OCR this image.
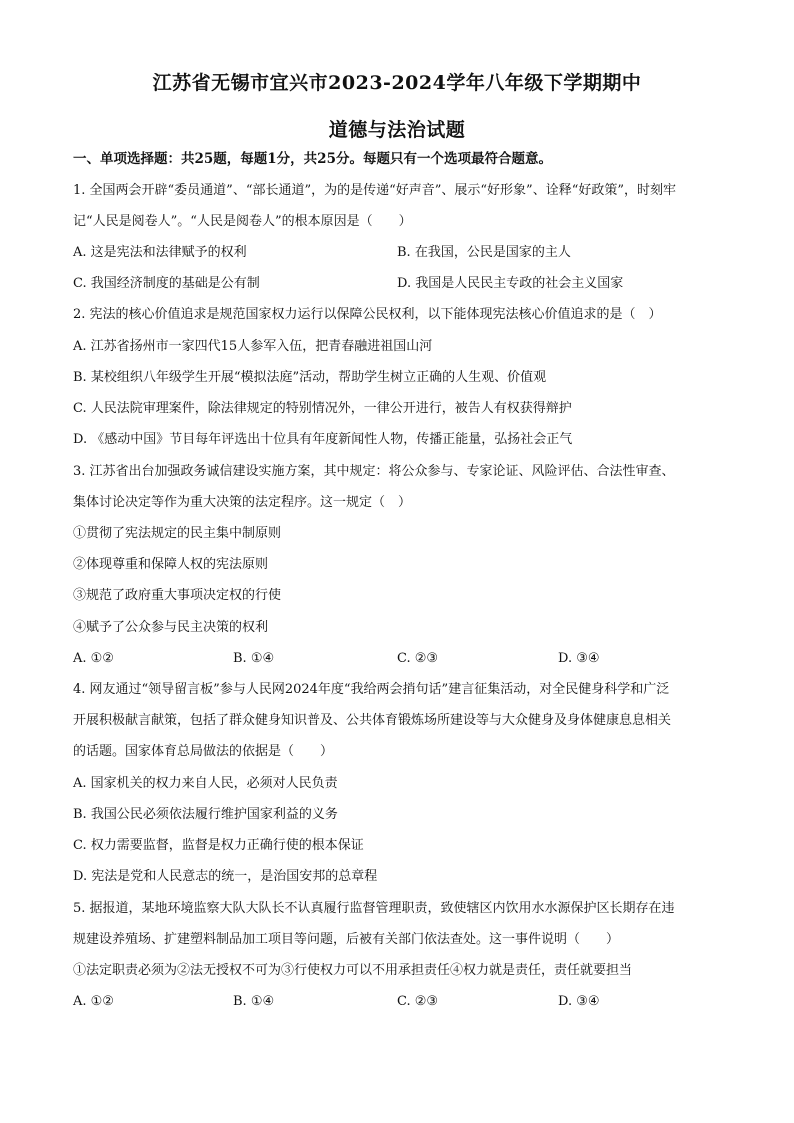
江苏省无锡市宜兴市2023-2024学年八年级下学期期中
道德与法治试题
一、单项选择题：共25题，每题1分，共25分。每题只有一个选项最符合题意。
1. 全国两会开辟“委员通道”、“部长通道”，为的是传递“好声音”、展示“好形象”、诠释“好政策”，时刻牢
记“人民是阅卷人”。“人民是阅卷人”的根本原因是（　　）
A. 这是宪法和法律赋予的权利	B. 在我国，公民是国家的主人
C. 我国经济制度的基础是公有制	D. 我国是人民民主专政的社会主义国家
2. 宪法的核心价值追求是规范国家权力运行以保障公民权利，以下能体现宪法核心价值追求的是（　）
A. 江苏省扬州市一家四代15人参军入伍，把青春融进祖国山河
B. 某校组织八年级学生开展“模拟法庭”活动，帮助学生树立正确的人生观、价值观
C. 人民法院审理案件，除法律规定的特别情况外，一律公开进行，被告人有权获得辩护
D. 《感动中国》节目每年评选出十位具有年度新闻性人物，传播正能量，弘扬社会正气
3. 江苏省出台加强政务诚信建设实施方案，其中规定：将公众参与、专家论证、风险评估、合法性审查、
集体讨论决定等作为重大决策的法定程序。这一规定（　）
①贯彻了宪法规定的民主集中制原则
②体现尊重和保障人权的宪法原则
③规范了政府重大事项决定权的行使
④赋予了公众参与民主决策的权利
A. ①②	B. ①④	C. ②③	D. ③④
4. 网友通过“领导留言板”参与人民网2024年度“我给两会捎句话”建言征集活动，对全民健身科学和广泛
开展积极献言献策，包括了群众健身知识普及、公共体育锻炼场所建设等与大众健身及身体健康息息相关
的话题。国家体育总局做法的依据是（　　）
A. 国家机关的权力来自人民，必须对人民负责
B. 我国公民必须依法履行维护国家利益的义务
C. 权力需要监督，监督是权力正确行使的根本保证
D. 宪法是党和人民意志的统一，是治国安邦的总章程
5. 据报道，某地环境监察大队大队长不认真履行监督管理职责，致使辖区内饮用水水源保护区长期存在违
规建设养殖场、扩建塑料制品加工项目等问题，后被有关部门依法查处。这一事件说明（　　）
①法定职责必须为②法无授权不可为③行使权力可以不用承担责任④权力就是责任，责任就要担当
A. ①②	B. ①④	C. ②③	D. ③④
